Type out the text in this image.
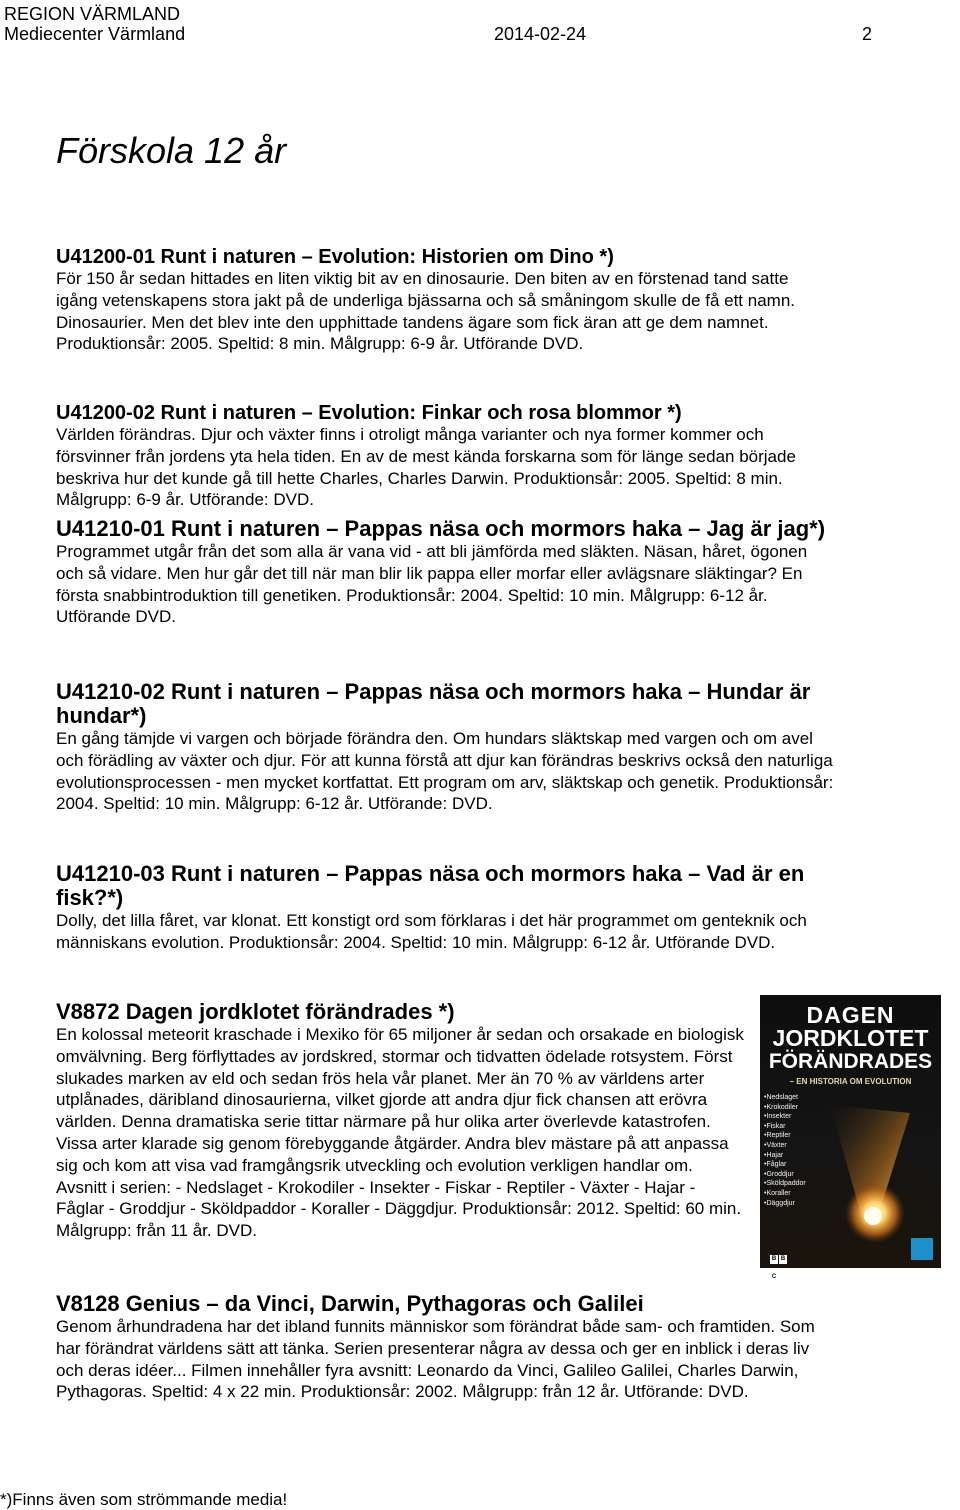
REGION VÄRMLAND
Mediecenter Värmland	2014-02-24	2
Förskola 12 år
U41200-01 Runt i naturen – Evolution: Historien om Dino *)

För 150 år sedan hittades en liten viktig bit av en dinosaurie. Den biten av en förstenad tand satte igång vetenskapens stora jakt på de underliga bjässarna och så småningom skulle de få ett namn. Dinosaurier. Men det blev inte den upphittade tandens ägare som fick äran att ge dem namnet. Produktionsår: 2005. Speltid: 8 min. Målgrupp: 6-9 år. Utförande DVD.

U41200-02 Runt i naturen – Evolution: Finkar och rosa blommor *)

Världen förändras. Djur och växter finns i otroligt många varianter och nya former kommer och försvinner från jordens yta hela tiden. En av de mest kända forskarna som för länge sedan började beskriva hur det kunde gå till hette Charles, Charles Darwin. Produktionsår: 2005. Speltid: 8 min. Målgrupp: 6-9 år. Utförande: DVD.

U41210-01 Runt i naturen – Pappas näsa och mormors haka – Jag är jag*)

Programmet utgår från det som alla är vana vid - att bli jämförda med släkten. Näsan, håret, ögonen och så vidare. Men hur går det till när man blir lik pappa eller morfar eller avlägsnare släktingar? En första snabbintroduktion till genetiken. Produktionsår: 2004. Speltid: 10 min. Målgrupp: 6-12 år. Utförande DVD.

U41210-02 Runt i naturen – Pappas näsa och mormors haka – Hundar är hundar*)

En gång tämjde vi vargen och började förändra den. Om hundars släktskap med vargen och om avel och förädling av växter och djur. För att kunna förstå att djur kan förändras beskrivs också den naturliga evolutionsprocessen - men mycket kortfattat. Ett program om arv, släktskap och genetik. Produktionsår: 2004. Speltid: 10 min. Målgrupp: 6-12 år. Utförande: DVD.

U41210-03 Runt i naturen – Pappas näsa och mormors haka – Vad är en fisk?*)

Dolly, det lilla fåret, var klonat. Ett konstigt ord som förklaras i det här programmet om genteknik och människans evolution. Produktionsår: 2004. Speltid: 10 min. Målgrupp: 6-12 år. Utförande DVD.

V8872 Dagen jordklotet förändrades *)

En kolossal meteorit kraschade i Mexiko för 65 miljoner år sedan och orsakade en biologisk omvälvning. Berg förflyttades av jordskred, stormar och tidvatten ödelade rotsystem. Först slukades marken av eld och sedan frös hela vår planet. Mer än 70 % av världens arter utplånades, däribland dinosaurierna, vilket gjorde att andra djur fick chansen att erövra världen. Denna dramatiska serie tittar närmare på hur olika arter överlevde katastrofen. Vissa arter klarade sig genom förebyggande åtgärder. Andra blev mästare på att anpassa sig och kom att visa vad framgångsrik utveckling och evolution verkligen handlar om. Avsnitt i serien: - Nedslaget - Krokodiler - Insekter - Fiskar - Reptiler - Växter - Hajar - Fåglar - Groddjur - Sköldpaddor - Koraller - Däggdjur. Produktionsår: 2012. Speltid: 60 min. Målgrupp: från 11 år. DVD.

DAGEN
JORDKLOTET
FÖRÄNDRADES
– EN HISTORIA OM EVOLUTION
• Nedslaget
• Krokodiler
• Insekter
• Fiskar
• Reptiler
• Växter
• Hajar
• Fåglar
• Groddjur
• Sköldpaddor
• Koraller
• Däggdjur
B BC
V8128 Genius – da Vinci, Darwin, Pythagoras och Galilei

Genom århundradena har det ibland funnits människor som förändrat både sam- och framtiden. Som har förändrat världens sätt att tänka. Serien presenterar några av dessa och ger en inblick i deras liv och deras idéer... Filmen innehåller fyra avsnitt: Leonardo da Vinci, Galileo Galilei, Charles Darwin, Pythagoras. Speltid: 4 x 22 min. Produktionsår: 2002. Målgrupp: från 12 år. Utförande: DVD.

*)Finns även som strömmande media!
